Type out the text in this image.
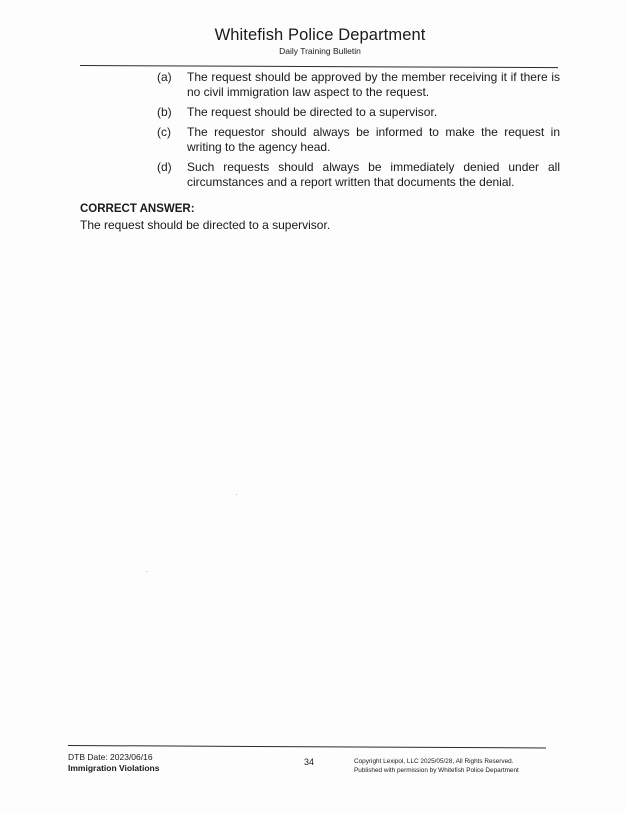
Whitefish Police Department
Daily Training Bulletin
(a)	The request should be approved by the member receiving it if there is no civil immigration law aspect to the request.
(b)	The request should be directed to a supervisor.
(c)	The requestor should always be informed to make the request in writing to the agency head.
(d)	Such requests should always be immediately denied under all circumstances and a report written that documents the denial.
CORRECT ANSWER:
The request should be directed to a supervisor.
DTB Date: 2023/06/16
Immigration Violations
34	Copyright Lexipol, LLC 2025/05/28, All Rights Reserved.
Published with permission by Whitefish Police Department
